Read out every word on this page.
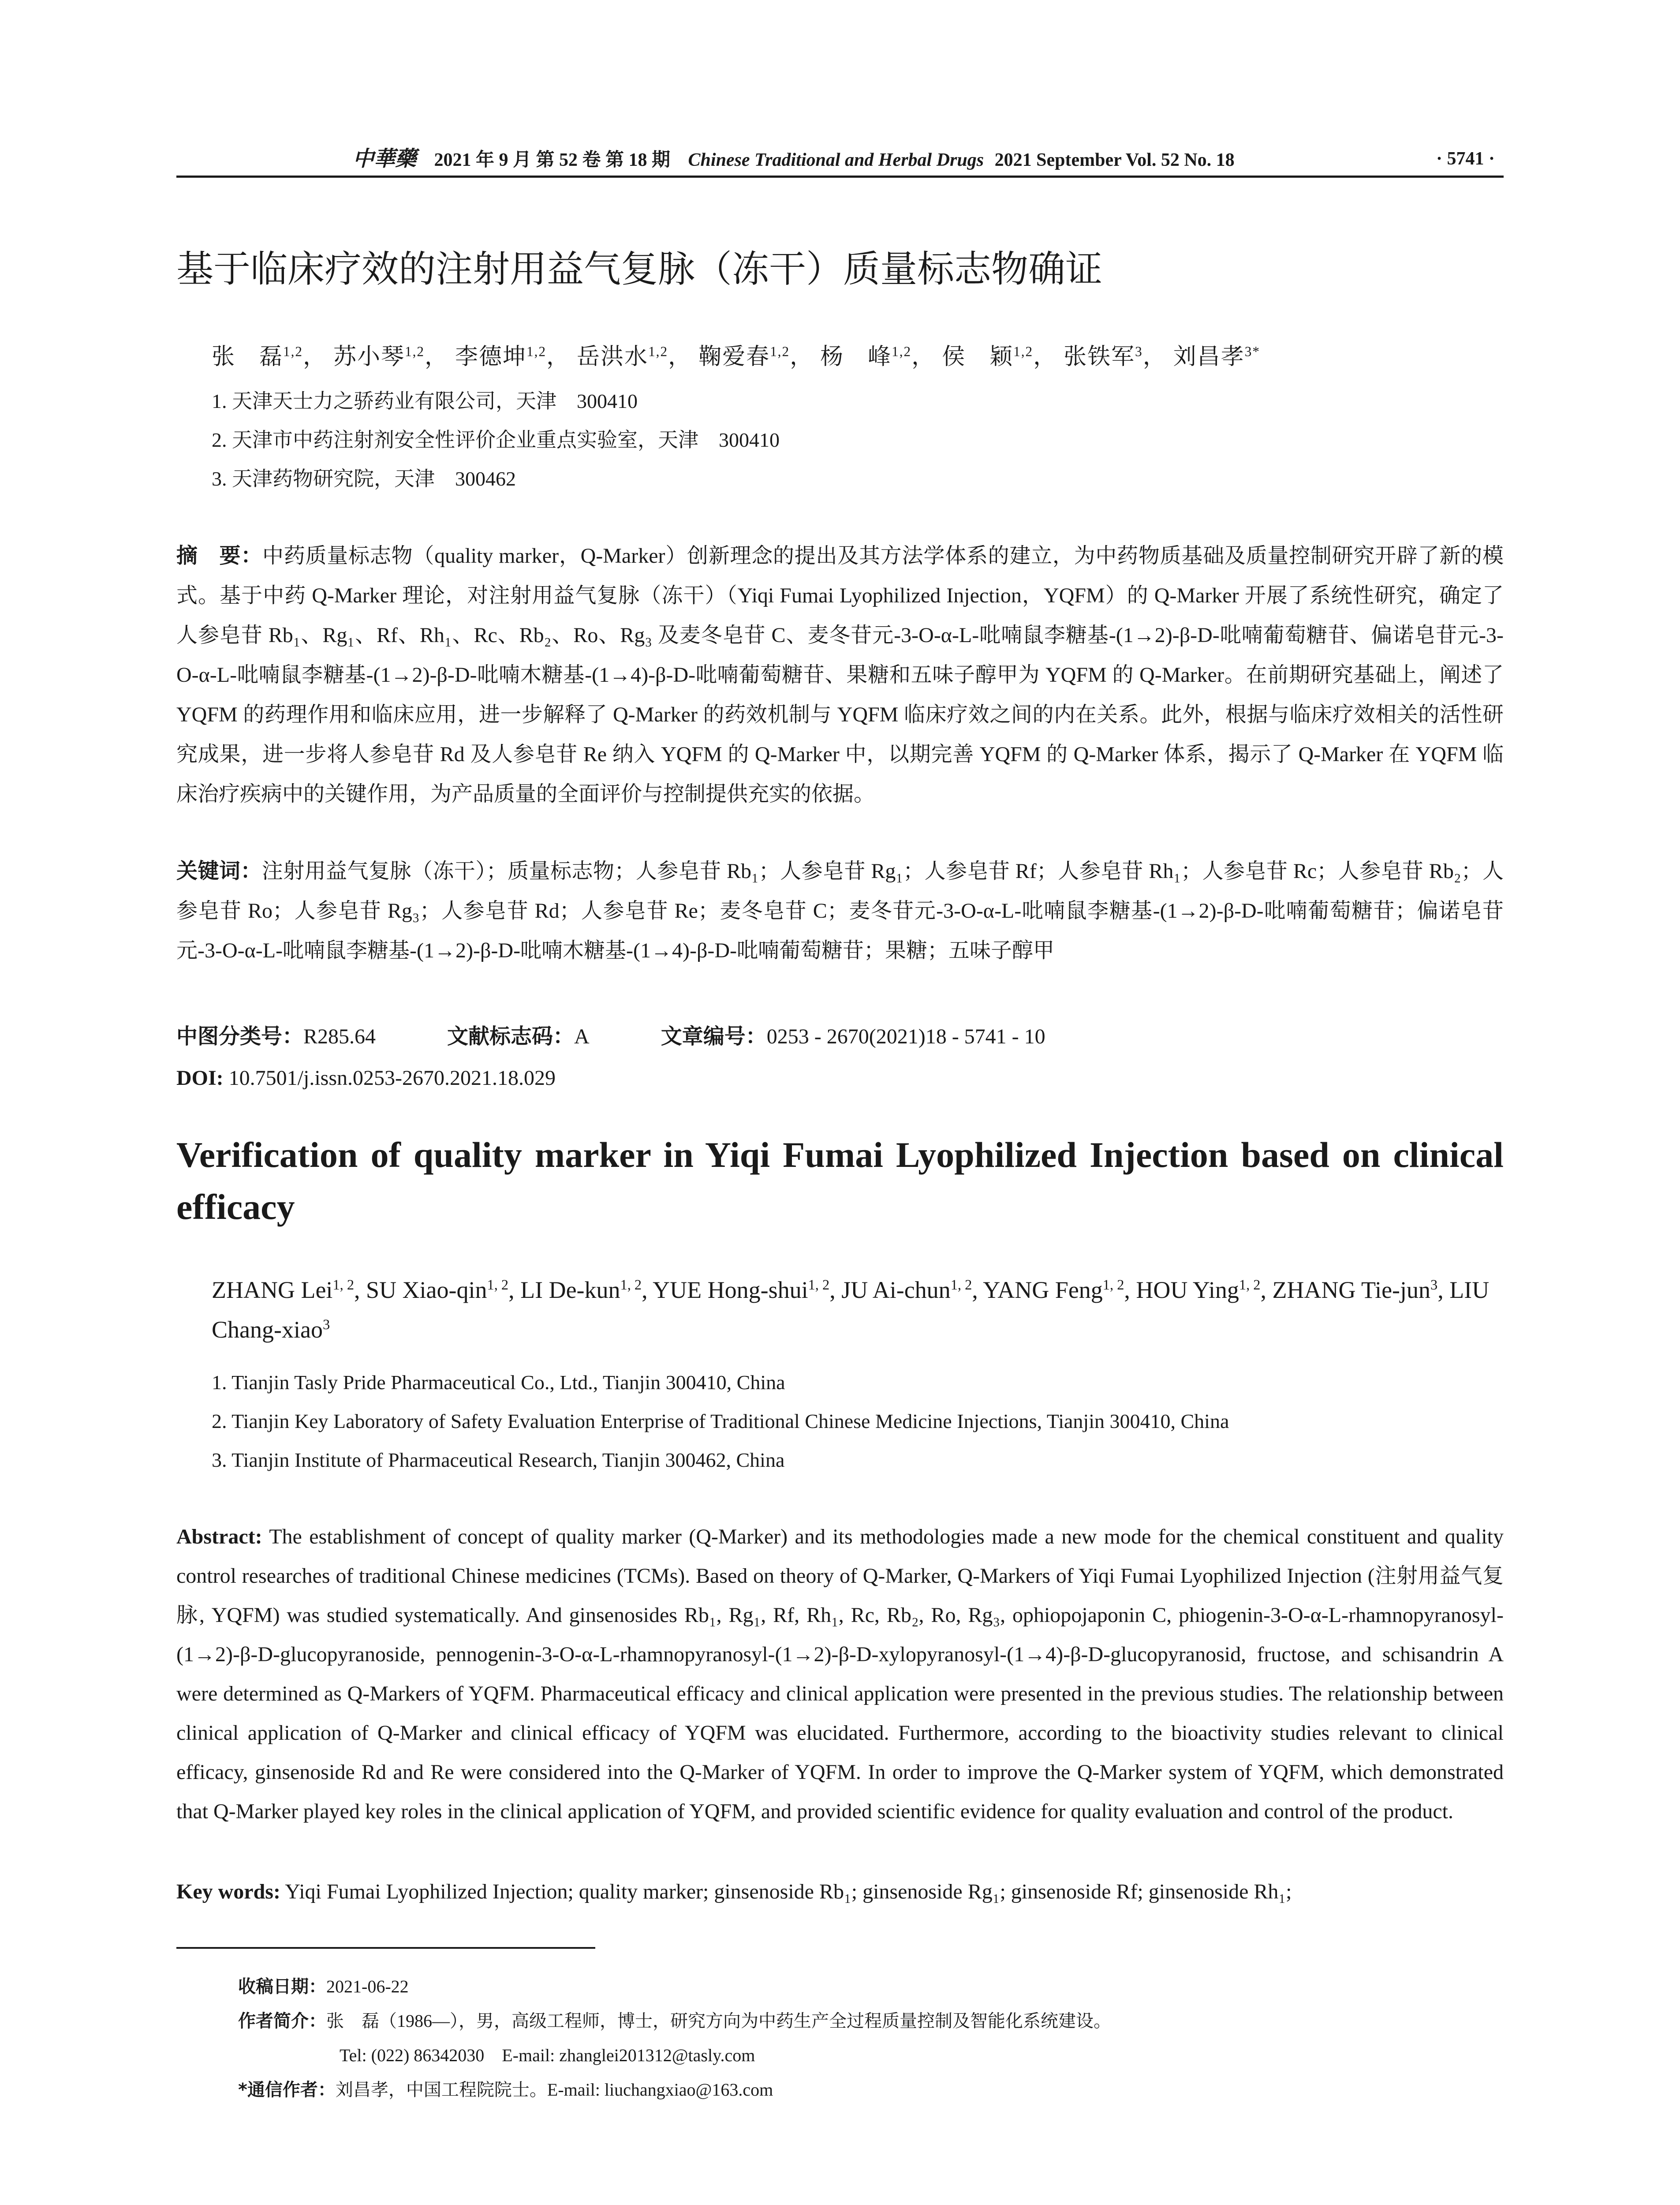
中華藥 2021 年 9 月 第 52 卷 第 18 期 Chinese Traditional and Herbal Drugs 2021 September Vol. 52 No. 18	· 5741 ·
基于临床疗效的注射用益气复脉（冻干）质量标志物确证
张　磊$^{1,2}$， 苏小琴$^{1,2}$， 李德坤$^{1,2}$， 岳洪水$^{1,2}$， 鞠爱春$^{1,2}$， 杨　峰$^{1,2}$， 侯　颖$^{1,2}$， 张铁军$^3$， 刘昌孝$^{3*}$
1. 天津天士力之骄药业有限公司，天津　300410
2. 天津市中药注射剂安全性评价企业重点实验室，天津　300410
3. 天津药物研究院，天津　300462
摘　要：中药质量标志物（quality marker，Q-Marker）创新理念的提出及其方法学体系的建立，为中药物质基础及质量控制研究开辟了新的模式。基于中药 Q-Marker 理论，对注射用益气复脉（冻干）（Yiqi Fumai Lyophilized Injection，YQFM）的 Q-Marker 开展了系统性研究，确定了人参皂苷 Rb₁、Rg₁、Rf、Rh₁、Rc、Rb₂、Ro、Rg₃ 及麦冬皂苷 C、麦冬苷元-3-O-α-L-吡喃鼠李糖基-(1→2)-β-D-吡喃葡萄糖苷、偏诺皂苷元-3-O-α-L-吡喃鼠李糖基-(1→2)-β-D-吡喃木糖基-(1→4)-β-D-吡喃葡萄糖苷、果糖和五味子醇甲为 YQFM 的 Q-Marker。在前期研究基础上，阐述了 YQFM 的药理作用和临床应用，进一步解释了 Q-Marker 的药效机制与 YQFM 临床疗效之间的内在关系。此外，根据与临床疗效相关的活性研究成果，进一步将人参皂苷 Rd 及人参皂苷 Re 纳入 YQFM 的 Q-Marker 中，以期完善 YQFM 的 Q-Marker 体系，揭示了 Q-Marker 在 YQFM 临床治疗疾病中的关键作用，为产品质量的全面评价与控制提供充实的依据。
关键词：注射用益气复脉（冻干）；质量标志物；人参皂苷 Rb₁；人参皂苷 Rg₁；人参皂苷 Rf；人参皂苷 Rh₁；人参皂苷 Rc；人参皂苷 Rb₂；人参皂苷 Ro；人参皂苷 Rg₃；人参皂苷 Rd；人参皂苷 Re；麦冬皂苷 C；麦冬苷元-3-O-α-L-吡喃鼠李糖基-(1→2)-β-D-吡喃葡萄糖苷；偏诺皂苷元-3-O-α-L-吡喃鼠李糖基-(1→2)-β-D-吡喃木糖基-(1→4)-β-D-吡喃葡萄糖苷；果糖；五味子醇甲
中图分类号：R285.64	文献标志码：A	文章编号：0253 - 2670(2021)18 - 5741 - 10
DOI: 10.7501/j.issn.0253-2670.2021.18.029
Verification of quality marker in Yiqi Fumai Lyophilized Injection based on clinical efficacy
ZHANG Lei$^{1, 2}$, SU Xiao-qin$^{1, 2}$, LI De-kun$^{1, 2}$, YUE Hong-shui$^{1, 2}$, JU Ai-chun$^{1, 2}$, YANG Feng$^{1, 2}$, HOU Ying$^{1, 2}$, ZHANG Tie-jun$^3$, LIU Chang-xiao$^3$
1. Tianjin Tasly Pride Pharmaceutical Co., Ltd., Tianjin 300410, China
2. Tianjin Key Laboratory of Safety Evaluation Enterprise of Traditional Chinese Medicine Injections, Tianjin 300410, China
3. Tianjin Institute of Pharmaceutical Research, Tianjin 300462, China
Abstract: The establishment of concept of quality marker (Q-Marker) and its methodologies made a new mode for the chemical constituent and quality control researches of traditional Chinese medicines (TCMs). Based on theory of Q-Marker, Q-Markers of Yiqi Fumai Lyophilized Injection (注射用益气复脉, YQFM) was studied systematically. And ginsenosides Rb₁, Rg₁, Rf, Rh₁, Rc, Rb₂, Ro, Rg₃, ophiopojaponin C, phiogenin-3-O-α-L-rhamnopyranosyl-(1→2)-β-D-glucopyranoside, pennogenin-3-O-α-L-rhamnopyranosyl-(1→2)-β-D-xylopyranosyl-(1→4)-β-D-glucopyranosid, fructose, and schisandrin A were determined as Q-Markers of YQFM. Pharmaceutical efficacy and clinical application were presented in the previous studies. The relationship between clinical application of Q-Marker and clinical efficacy of YQFM was elucidated. Furthermore, according to the bioactivity studies relevant to clinical efficacy, ginsenoside Rd and Re were considered into the Q-Marker of YQFM. In order to improve the Q-Marker system of YQFM, which demonstrated that Q-Marker played key roles in the clinical application of YQFM, and provided scientific evidence for quality evaluation and control of the product.
Key words: Yiqi Fumai Lyophilized Injection; quality marker; ginsenoside Rb₁; ginsenoside Rg₁; ginsenoside Rf; ginsenoside Rh₁;
收稿日期：2021-06-22
作者简介：张　磊（1986—），男，高级工程师，博士，研究方向为中药生产全过程质量控制及智能化系统建设。
Tel: (022) 86342030　E-mail: zhanglei201312@tasly.com
*通信作者：刘昌孝，中国工程院院士。E-mail: liuchangxiao@163.com
